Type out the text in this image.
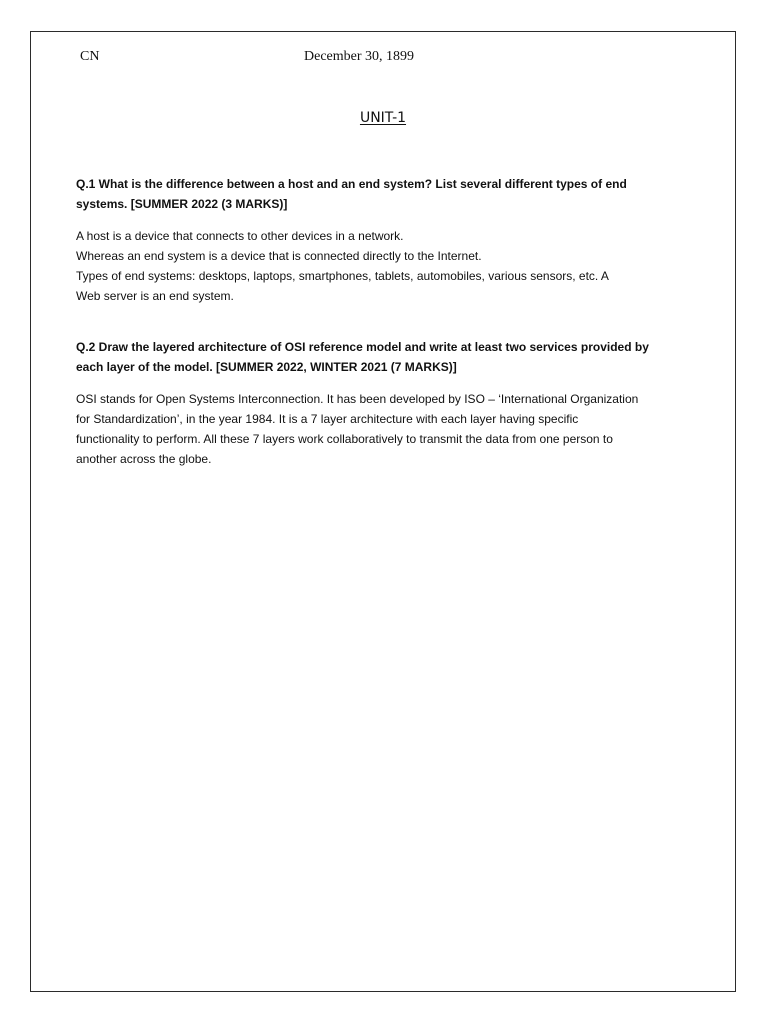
CN	December 30, 1899
UNIT-1
Q.1 What is the difference between a host and an end system? List several different types of end
systems. [SUMMER 2022 (3 MARKS)]
A host is a device that connects to other devices in a network.
Whereas an end system is a device that is connected directly to the Internet.
Types of end systems: desktops, laptops, smartphones, tablets, automobiles, various sensors, etc. A
Web server is an end system.
Q.2 Draw the layered architecture of OSI reference model and write at least two services provided by
each layer of the model. [SUMMER 2022, WINTER 2021 (7 MARKS)]
OSI stands for Open Systems Interconnection. It has been developed by ISO – ‘International Organization
for Standardization’, in the year 1984. It is a 7 layer architecture with each layer having specific
functionality to perform. All these 7 layers work collaboratively to transmit the data from one person to
another across the globe.
